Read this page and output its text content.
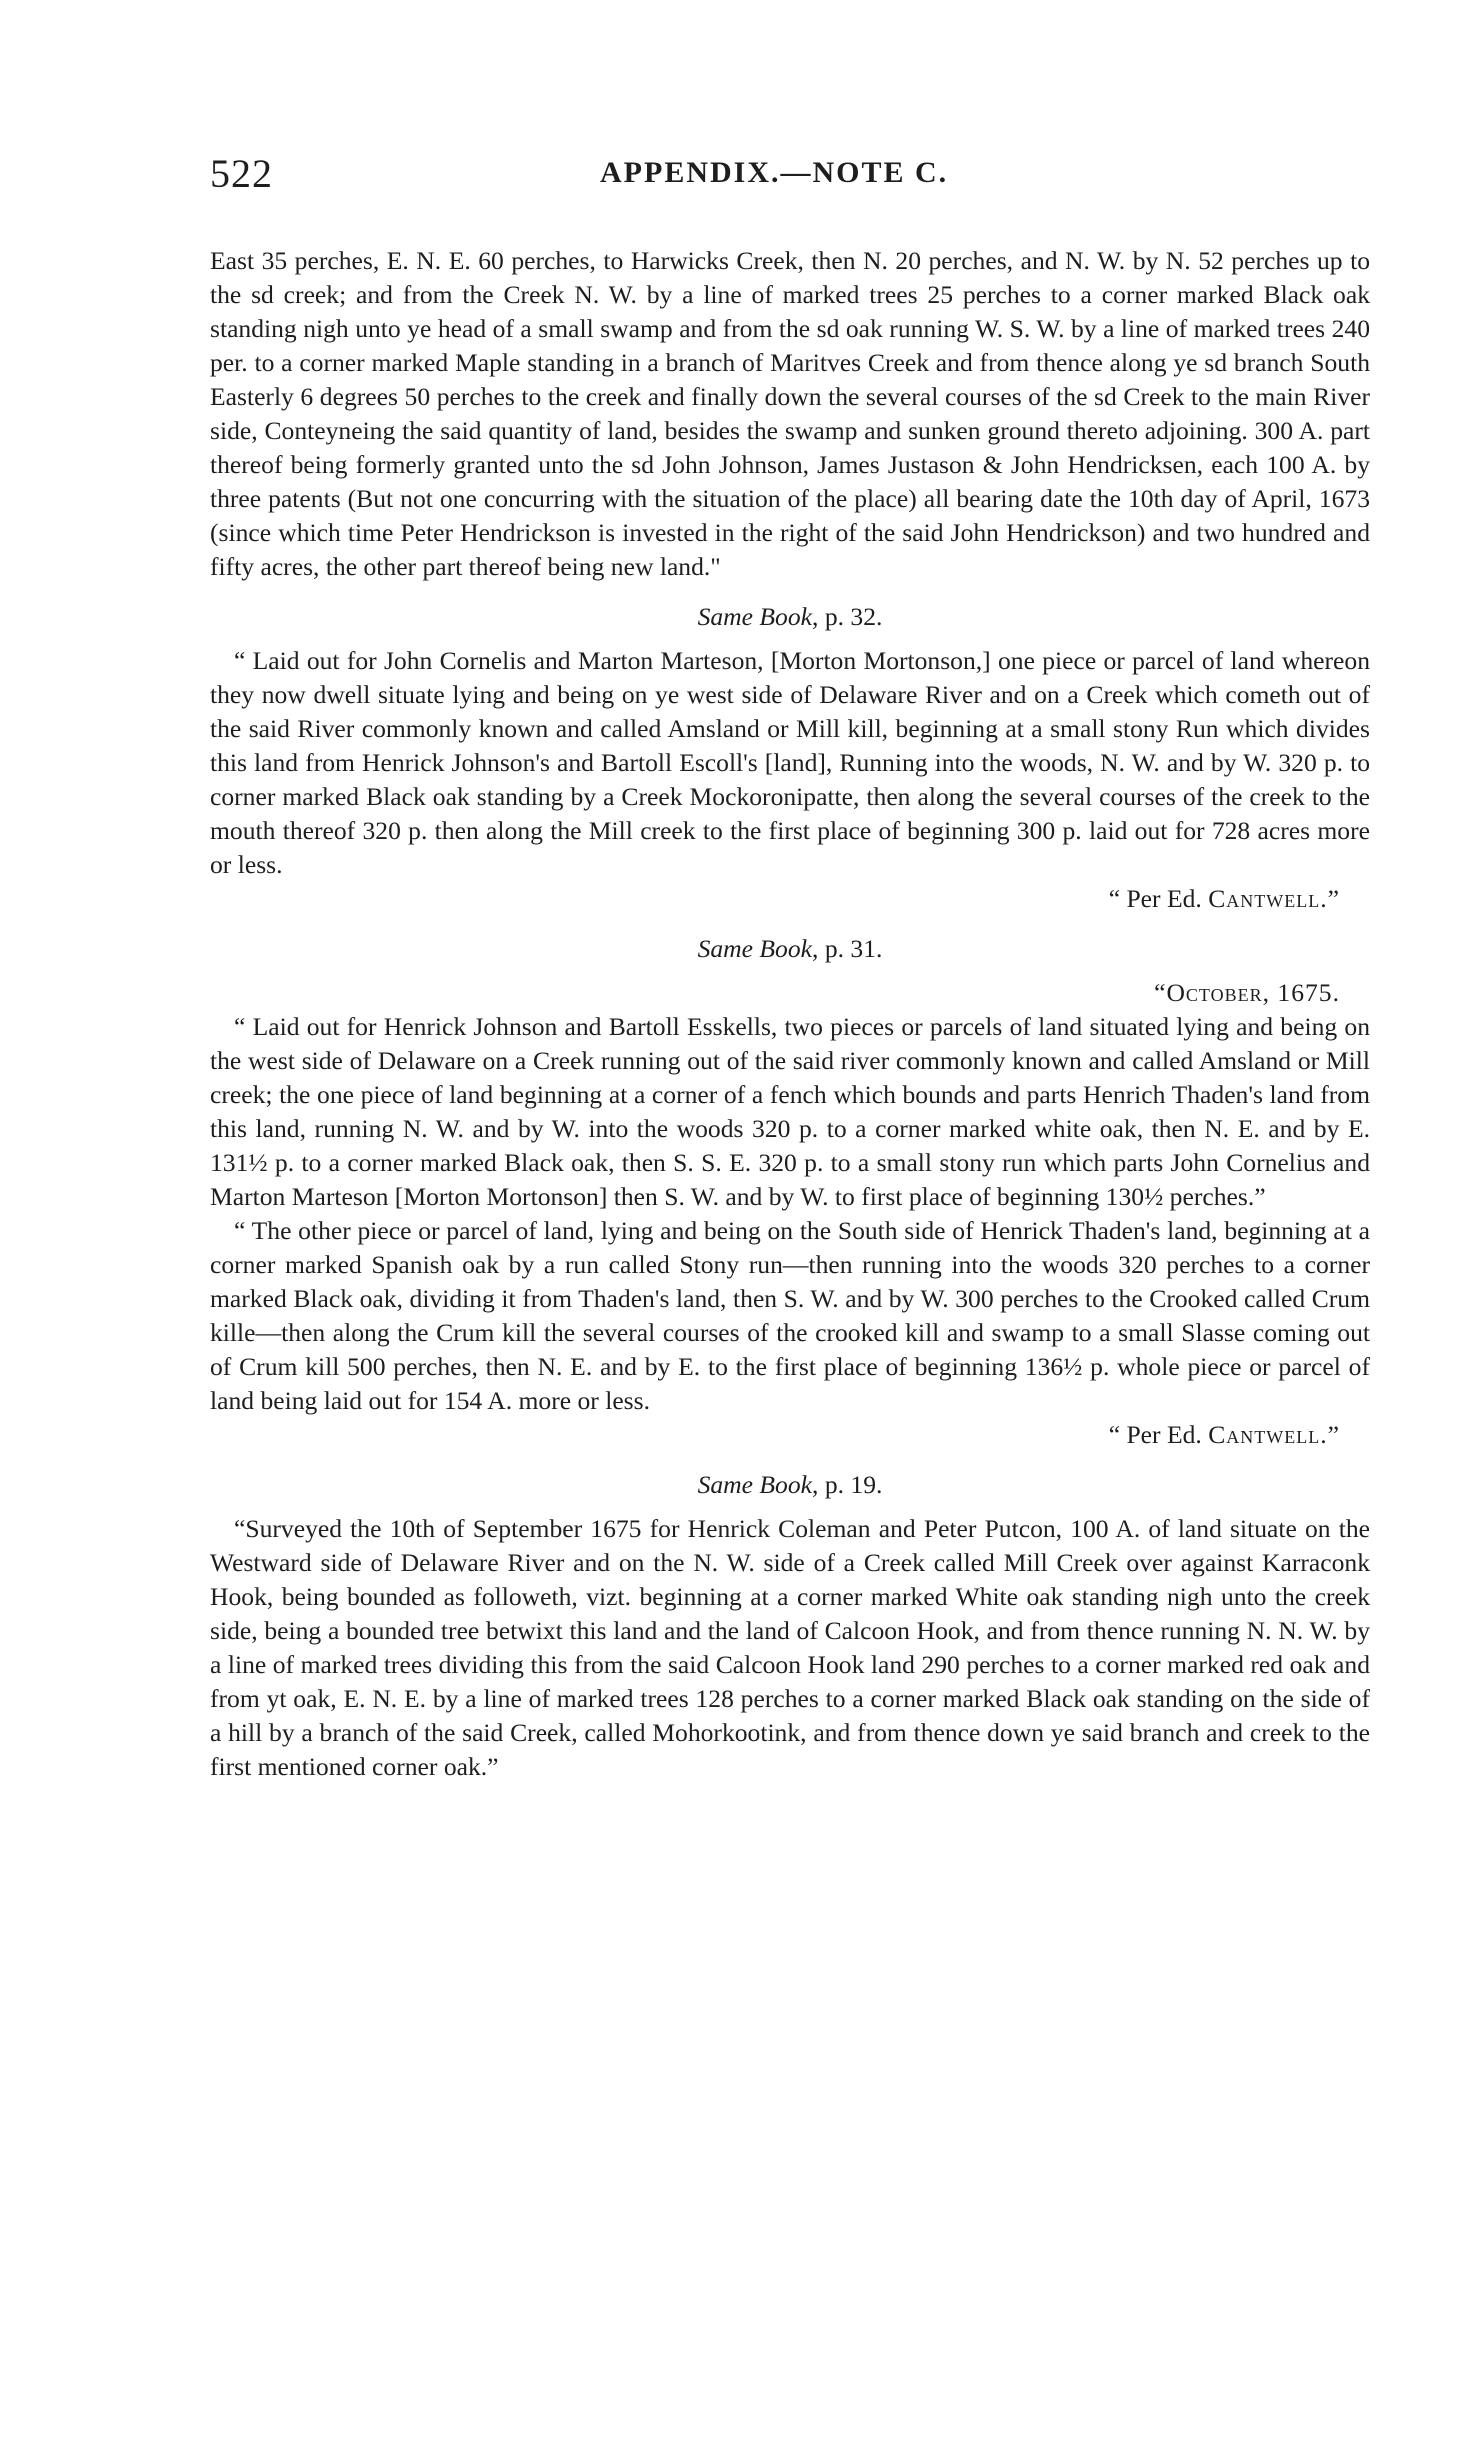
522	APPENDIX.—NOTE C.

East 35 perches, E. N. E. 60 perches, to Harwicks Creek, then N. 20 perches, and N. W. by N. 52 perches up to the sd creek; and from the Creek N. W. by a line of marked trees 25 perches to a corner marked Black oak standing nigh unto ye head of a small swamp and from the sd oak running W. S. W. by a line of marked trees 240 per. to a corner marked Maple standing in a branch of Maritves Creek and from thence along ye sd branch South Easterly 6 degrees 50 perches to the creek and finally down the several courses of the sd Creek to the main River side, Conteyneing the said quantity of land, besides the swamp and sunken ground thereto adjoining. 300 A. part thereof being formerly granted unto the sd John Johnson, James Justason & John Hendricksen, each 100 A. by three patents (But not one concurring with the situation of the place) all bearing date the 10th day of April, 1673 (since which time Peter Hendrickson is invested in the right of the said John Hendrickson) and two hundred and fifty acres, the other part thereof being new land."

Same Book, p. 32.

“ Laid out for John Cornelis and Marton Marteson, [Morton Mortonson,] one piece or parcel of land whereon they now dwell situate lying and being on ye west side of Delaware River and on a Creek which cometh out of the said River commonly known and called Amsland or Mill kill, beginning at a small stony Run which divides this land from Henrick Johnson's and Bartoll Escoll's [land], Running into the woods, N. W. and by W. 320 p. to corner marked Black oak standing by a Creek Mockoronipatte, then along the several courses of the creek to the mouth thereof 320 p. then along the Mill creek to the first place of beginning 300 p. laid out for 728 acres more or less.

“ Per Ed. Cantwell.”
Same Book, p. 31.
“October, 1675.

“ Laid out for Henrick Johnson and Bartoll Esskells, two pieces or parcels of land situated lying and being on the west side of Delaware on a Creek running out of the said river commonly known and called Amsland or Mill creek; the one piece of land beginning at a corner of a fench which bounds and parts Henrich Thaden's land from this land, running N. W. and by W. into the woods 320 p. to a corner marked white oak, then N. E. and by E. 131½ p. to a corner marked Black oak, then S. S. E. 320 p. to a small stony run which parts John Cornelius and Marton Marteson [Morton Mortonson] then S. W. and by W. to first place of beginning 130½ perches.”

“ The other piece or parcel of land, lying and being on the South side of Henrick Thaden's land, beginning at a corner marked Spanish oak by a run called Stony run—then running into the woods 320 perches to a corner marked Black oak, dividing it from Thaden's land, then S. W. and by W. 300 perches to the Crooked called Crum kille—then along the Crum kill the several courses of the crooked kill and swamp to a small Slasse coming out of Crum kill 500 perches, then N. E. and by E. to the first place of beginning 136½ p. whole piece or parcel of land being laid out for 154 A. more or less.

“ Per Ed. Cantwell.”
Same Book, p. 19.

“Surveyed the 10th of September 1675 for Henrick Coleman and Peter Putcon, 100 A. of land situate on the Westward side of Delaware River and on the N. W. side of a Creek called Mill Creek over against Karraconk Hook, being bounded as followeth, vizt. beginning at a corner marked White oak standing nigh unto the creek side, being a bounded tree betwixt this land and the land of Calcoon Hook, and from thence running N. N. W. by a line of marked trees dividing this from the said Calcoon Hook land 290 perches to a corner marked red oak and from yt oak, E. N. E. by a line of marked trees 128 perches to a corner marked Black oak standing on the side of a hill by a branch of the said Creek, called Mohorkootink, and from thence down ye said branch and creek to the first mentioned corner oak.”
